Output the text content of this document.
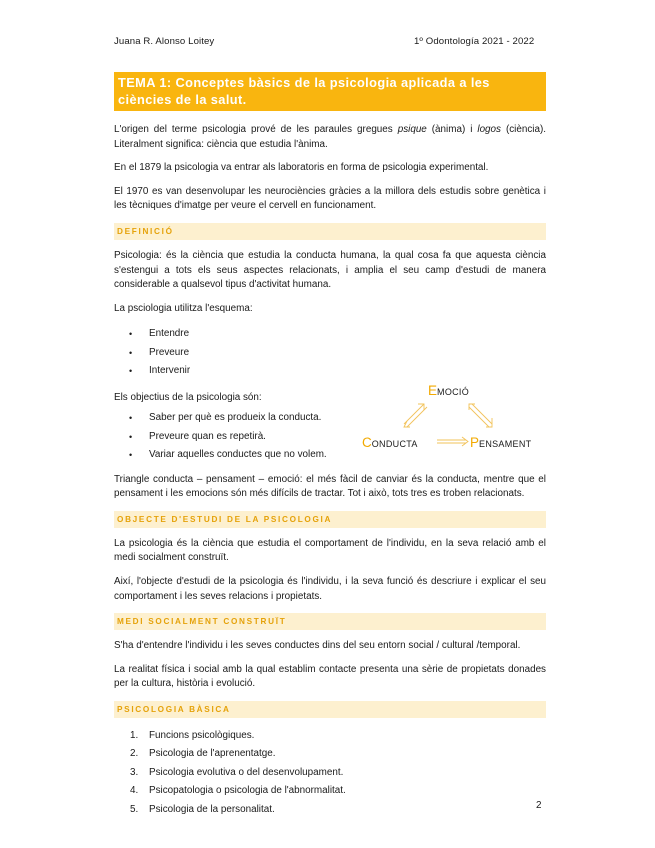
Juana R. Alonso Loitey	1º Odontología 2021 - 2022
TEMA 1: Conceptes bàsics de la psicologia aplicada a les ciències de la salut.

L'origen del terme psicologia prové de les paraules gregues psique (ànima) i logos (ciència). Literalment significa: ciència que estudia l'ànima.

En el 1879 la psicologia va entrar als laboratoris en forma de psicologia experimental.

El 1970 es van desenvolupar les neurociències gràcies a la millora dels estudis sobre genètica i les tècniques d'imatge per veure el cervell en funcionament.

DEFINICIÓ

Psicologia: és la ciència que estudia la conducta humana, la qual cosa fa que aquesta ciència s'estengui a tots els seus aspectes relacionats, i amplia el seu camp d'estudi de manera considerable a qualsevol tipus d'activitat humana.

La psciologia utilitza l'esquema:

• Entendre
• Preveure
• Intervenir

Els objectius de la psicologia són:

• Saber per què es produeix la conducta.
• Preveure quan es repetirà.
• Variar aquelles conductes que no volem.
EMOCIÓ
CONDUCTA	PENSAMENT

Triangle conducta – pensament – emoció: el més fàcil de canviar és la conducta, mentre que el pensament i les emocions són més difícils de tractar. Tot i això, tots tres es troben relacionats.

OBJECTE D'ESTUDI DE LA PSICOLOGIA

La psicologia és la ciència que estudia el comportament de l'individu, en la seva relació amb el medi socialment construït.

Així, l'objecte d'estudi de la psicologia és l'individu, i la seva funció és descriure i explicar el seu comportament i les seves relacions i propietats.

MEDI SOCIALMENT CONSTRUÏT

S'ha d'entendre l'individu i les seves conductes dins del seu entorn social / cultural /temporal.

La realitat física i social amb la qual establim contacte presenta una sèrie de propietats donades per la cultura, història i evolució.

PSICOLOGIA BÀSICA
1. Funcions psicològiques.
2. Psicologia de l'aprenentatge.
3. Psicologia evolutiva o del desenvolupament.
4. Psicopatologia o psicologia de l'abnormalitat.
5. Psicologia de la personalitat.	2
